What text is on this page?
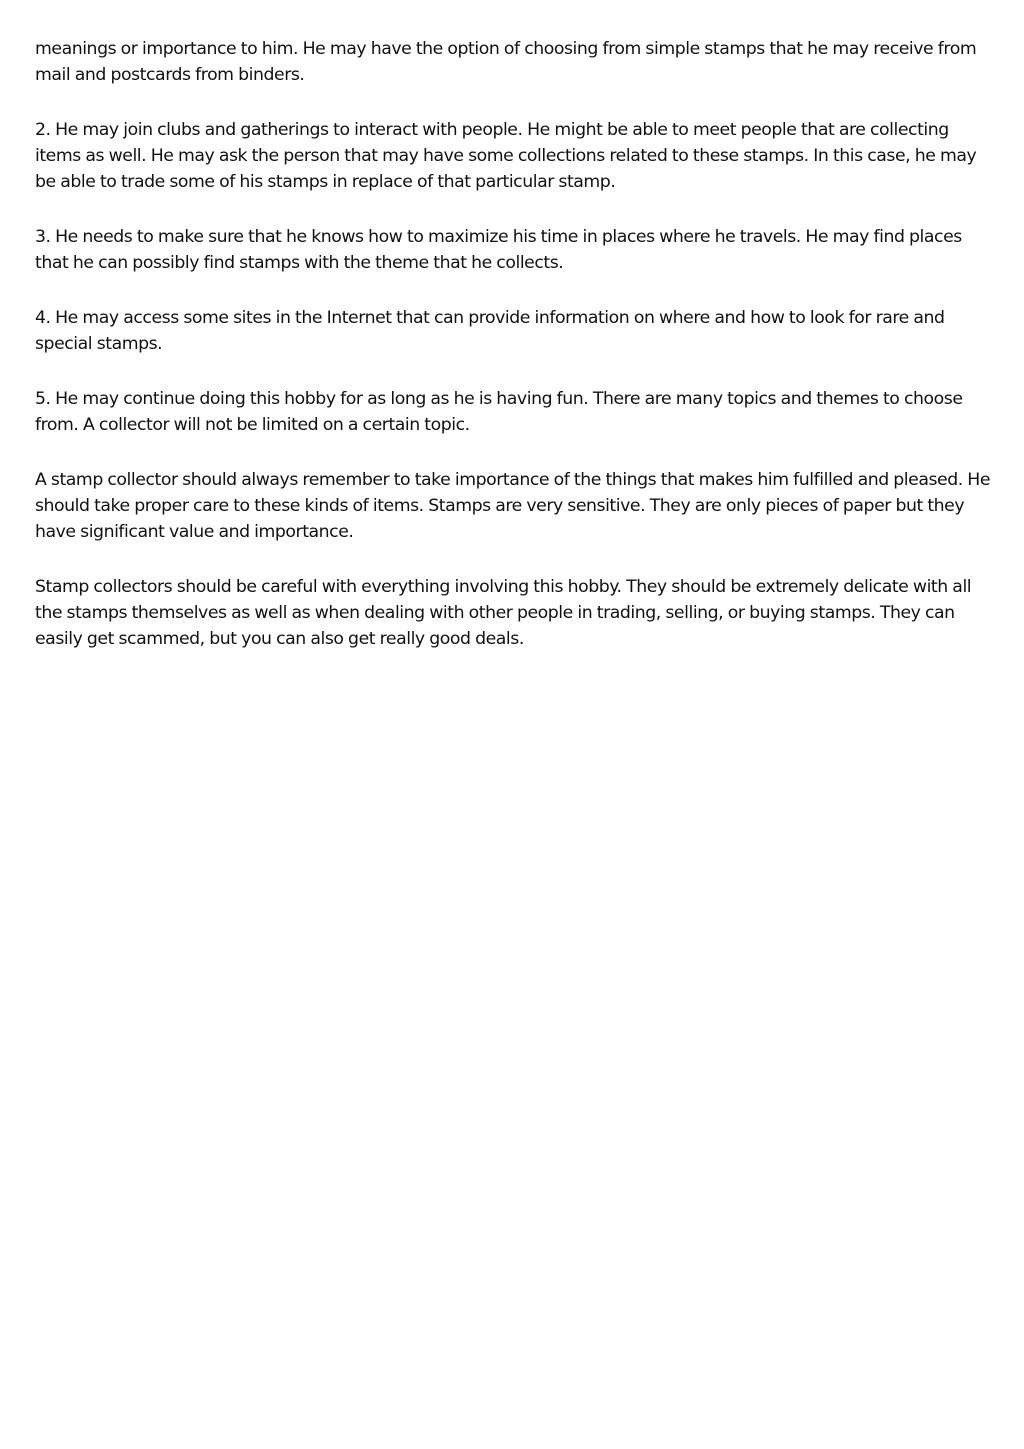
meanings or importance to him. He may have the option of choosing from simple stamps that he may receive from mail and postcards from binders.

2. He may join clubs and gatherings to interact with people. He might be able to meet people that are collecting items as well. He may ask the person that may have some collections related to these stamps. In this case, he may be able to trade some of his stamps in replace of that particular stamp.

3. He needs to make sure that he knows how to maximize his time in places where he travels. He may find places that he can possibly find stamps with the theme that he collects.

4. He may access some sites in the Internet that can provide information on where and how to look for rare and special stamps.

5. He may continue doing this hobby for as long as he is having fun. There are many topics and themes to choose from. A collector will not be limited on a certain topic.

A stamp collector should always remember to take importance of the things that makes him fulfilled and pleased. He should take proper care to these kinds of items. Stamps are very sensitive. They are only pieces of paper but they have significant value and importance.

Stamp collectors should be careful with everything involving this hobby. They should be extremely delicate with all the stamps themselves as well as when dealing with other people in trading, selling, or buying stamps. They can easily get scammed, but you can also get really good deals.
